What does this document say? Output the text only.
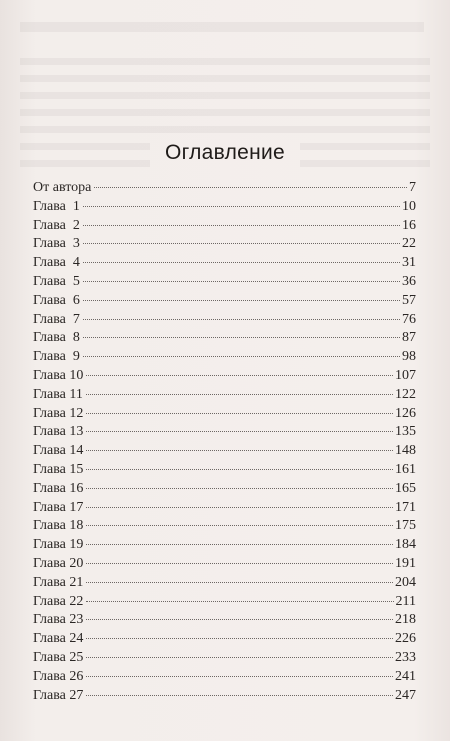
Оглавление
От автора	7
Глава  1	10
Глава  2	16
Глава  3	22
Глава  4	31
Глава  5	36
Глава  6	57
Глава  7	76
Глава  8	87
Глава  9	98
Глава 10	107
Глава 11	122
Глава 12	126
Глава 13	135
Глава 14	148
Глава 15	161
Глава 16	165
Глава 17	171
Глава 18	175
Глава 19	184
Глава 20	191
Глава 21	204
Глава 22	211
Глава 23	218
Глава 24	226
Глава 25	233
Глава 26	241
Глава 27	247
